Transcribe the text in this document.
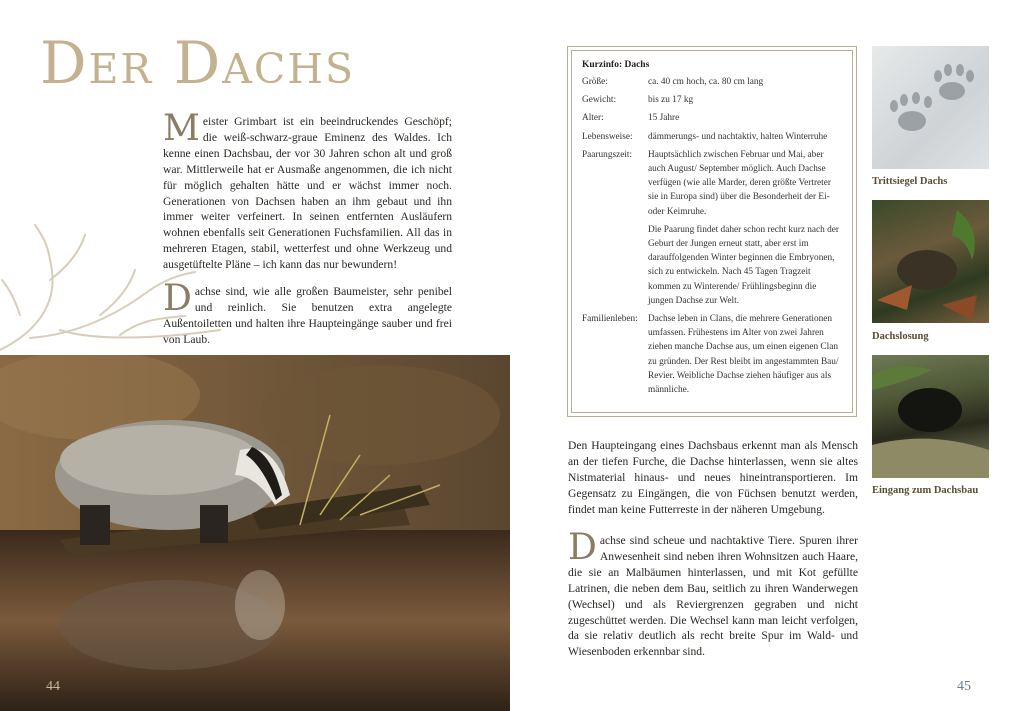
Der Dachs
Meister Grimbart ist ein beeindruckendes Geschöpf; die weiß-schwarz-graue Eminenz des Waldes. Ich kenne einen Dachsbau, der vor 30 Jahren schon alt und groß war. Mittlerweile hat er Ausmaße angenommen, die ich nicht für möglich gehalten hätte und er wächst immer noch. Generationen von Dachsen haben an ihm gebaut und ihn immer weiter verfeinert. In seinen entfernten Ausläufern wohnen ebenfalls seit Generationen Fuchsfamilien. All das in mehreren Etagen, stabil, wetterfest und ohne Werkzeug und ausgetüftelte Pläne – ich kann das nur bewundern!
Dachse sind, wie alle großen Baumeister, sehr penibel und reinlich. Sie benutzen extra angelegte Außentoiletten und halten ihre Haupteingänge sauber und frei von Laub.
44
Kurzinfo: Dachs
Größe:	ca. 40 cm hoch, ca. 80 cm lang

Gewicht:	bis zu 17 kg

Alter:	15 Jahre

Lebensweise:	dämmerungs- und nachtaktiv, halten Winterruhe

Paarungszeit:	Hauptsächlich zwischen Februar und Mai, aber auch August/ September möglich. Auch Dachse verfügen (wie alle Marder, deren größte Vertreter sie in Europa sind) über die Besonderheit der Ei- oder Keimruhe.

Die Paarung findet daher schon recht kurz nach der Geburt der Jungen erneut statt, aber erst im darauffolgenden Winter beginnen die Embryonen, sich zu entwickeln. Nach 45 Tagen Tragzeit kommen zu Winterende/ Frühlingsbeginn die jungen Dachse zur Welt.

Familienleben:	Dachse leben in Clans, die mehrere Generationen umfassen. Frühestens im Alter von zwei Jahren ziehen manche Dachse aus, um einen eigenen Clan zu gründen. Der Rest bleibt im angestammten Bau/ Revier. Weibliche Dachse ziehen häufiger aus als männliche.

Den Haupteingang eines Dachsbaus erkennt man als Mensch an der tiefen Furche, die Dachse hinterlassen, wenn sie altes Nistmaterial hinaus- und neues hineintransportieren. Im Gegensatz zu Eingängen, die von Füchsen benutzt werden, findet man keine Futterreste in der näheren Umgebung.
Dachse sind scheue und nachtaktive Tiere. Spuren ihrer Anwesenheit sind neben ihren Wohnsitzen auch Haare, die sie an Malbäumen hinterlassen, und mit Kot gefüllte Latrinen, die neben dem Bau, seitlich zu ihren Wanderwegen (Wechsel) und als Reviergrenzen gegraben und nicht zugeschüttet werden. Die Wechsel kann man leicht verfolgen, da sie relativ deutlich als recht breite Spur im Wald- und Wiesenboden erkennbar sind.
Trittsiegel Dachs
Dachslosung
Eingang zum Dachsbau
45
